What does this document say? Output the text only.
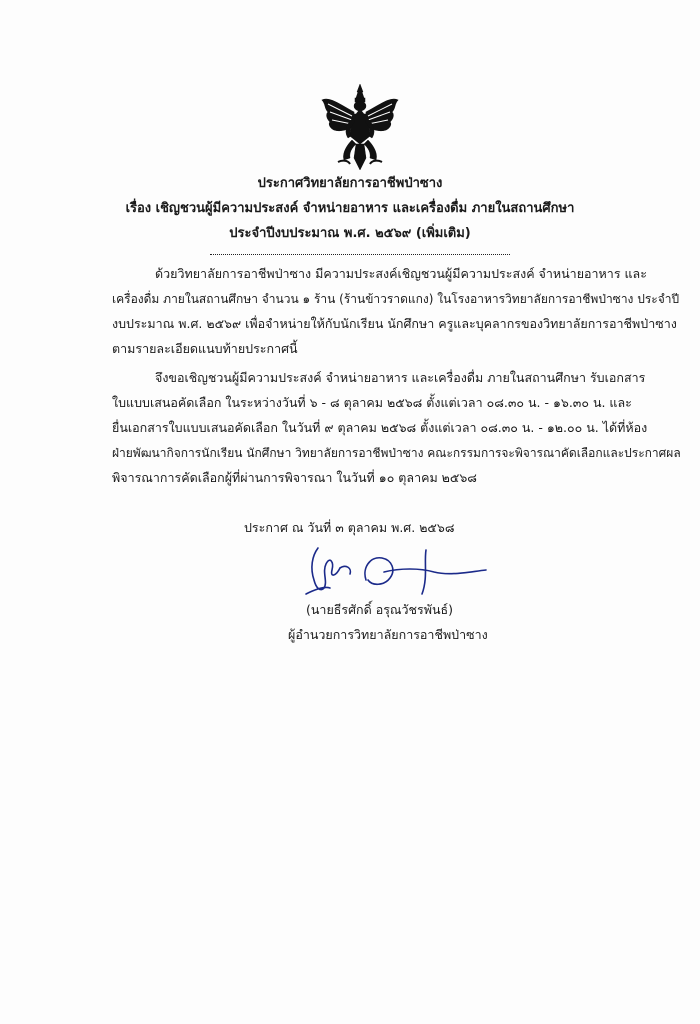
ประกาศวิทยาลัยการอาชีพป่าซาง
เรื่อง เชิญชวนผู้มีความประสงค์ จำหน่ายอาหาร และเครื่องดื่ม ภายในสถานศึกษา
ประจำปีงบประมาณ พ.ศ. ๒๕๖๙ (เพิ่มเติม)
ด้วยวิทยาลัยการอาชีพป่าซาง มีความประสงค์เชิญชวนผู้มีความประสงค์ จำหน่ายอาหาร และ
เครื่องดื่ม ภายในสถานศึกษา จำนวน ๑ ร้าน (ร้านข้าวราดแกง) ในโรงอาหารวิทยาลัยการอาชีพป่าซาง ประจำปี
งบประมาณ พ.ศ. ๒๕๖๙ เพื่อจำหน่ายให้กับนักเรียน นักศึกษา ครูและบุคลากรของวิทยาลัยการอาชีพป่าซาง
ตามรายละเอียดแนบท้ายประกาศนี้
จึงขอเชิญชวนผู้มีความประสงค์ จำหน่ายอาหาร และเครื่องดื่ม ภายในสถานศึกษา รับเอกสาร
ใบแบบเสนอคัดเลือก ในระหว่างวันที่ ๖ - ๘ ตุลาคม ๒๕๖๘ ตั้งแต่เวลา ๐๘.๓๐ น. - ๑๖.๓๐ น. และ
ยื่นเอกสารใบแบบเสนอคัดเลือก ในวันที่ ๙ ตุลาคม ๒๕๖๘ ตั้งแต่เวลา ๐๘.๓๐ น. - ๑๒.๐๐ น. ได้ที่ห้อง
ฝ่ายพัฒนากิจการนักเรียน นักศึกษา วิทยาลัยการอาชีพป่าซาง คณะกรรมการจะพิจารณาคัดเลือกและประกาศผล
พิจารณาการคัดเลือกผู้ที่ผ่านการพิจารณา ในวันที่ ๑๐ ตุลาคม ๒๕๖๘
ประกาศ ณ วันที่ ๓ ตุลาคม พ.ศ. ๒๕๖๘
(นายธีรศักดิ์ อรุณวัชรพันธ์)
ผู้อำนวยการวิทยาลัยการอาชีพป่าซาง
